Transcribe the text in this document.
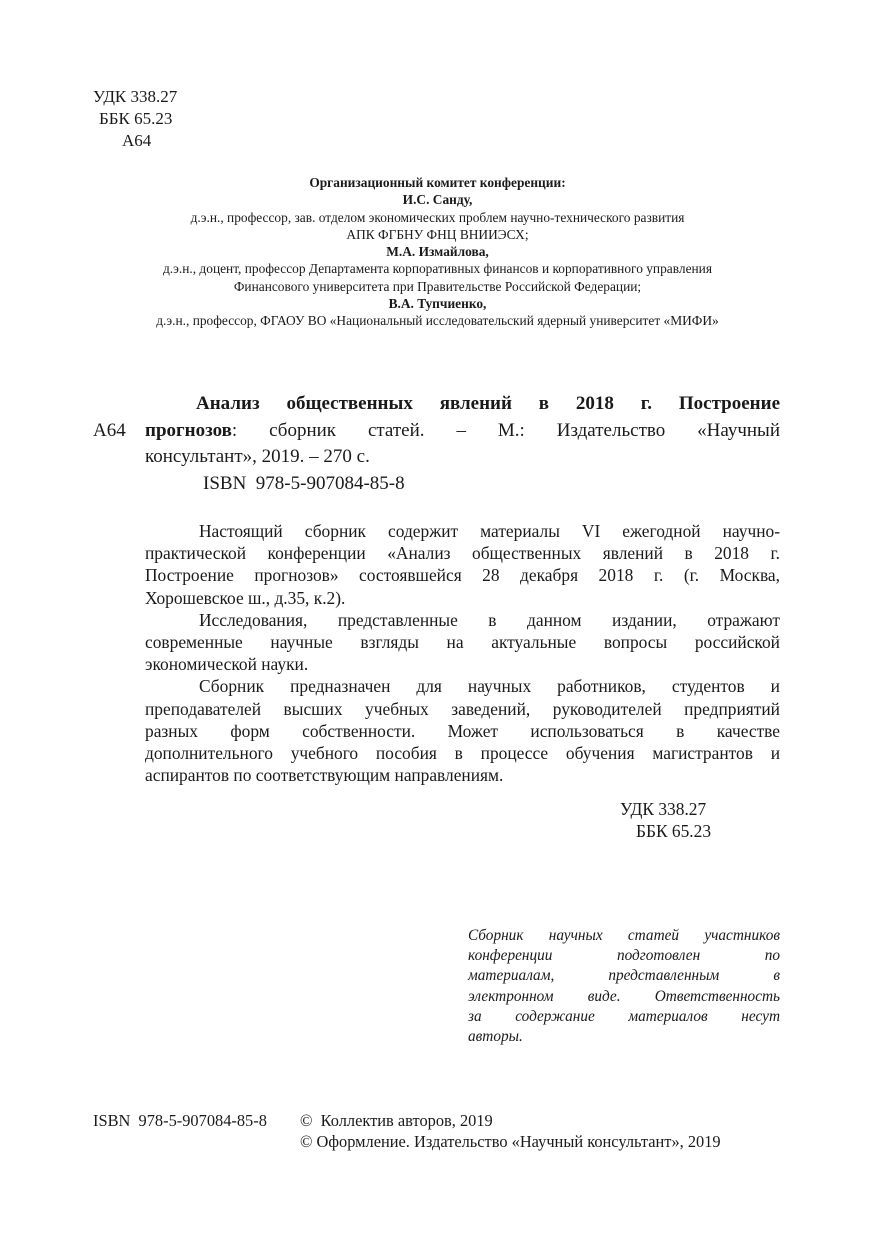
УДК 338.27
ББК 65.23
А64
Организационный комитет конференции:
И.С. Санду,
д.э.н., профессор, зав. отделом экономических проблем научно-технического развития
АПК ФГБНУ ФНЦ ВНИИЭСХ;
М.А. Измайлова,
д.э.н., доцент, профессор Департамента корпоративных финансов и корпоративного управления
Финансового университета при Правительстве Российской Федерации;
В.А. Тупчиенко,
д.э.н., профессор, ФГАОУ ВО «Национальный исследовательский ядерный университет «МИФИ»
А64
Анализ общественных явлений в 2018 г. Построение
прогнозов: сборник статей. – М.: Издательство «Научный
консультант», 2019. – 270 с.
ISBN  978-5-907084-85-8
Настоящий сборник содержит материалы VI ежегодной научно-
практической конференции «Анализ общественных явлений в 2018 г.
Построение прогнозов» состоявшейся 28 декабря 2018 г. (г. Москва,
Хорошевское ш., д.35, к.2).
Исследования, представленные в данном издании, отражают
современные научные взгляды на актуальные вопросы российской
экономической науки.
Сборник предназначен для научных работников, студентов и
преподавателей высших учебных заведений, руководителей предприятий
разных форм собственности. Может использоваться в качестве
дополнительного учебного пособия в процессе обучения магистрантов и
аспирантов по соответствующим направлениям.
УДК 338.27
ББК 65.23
Сборник научных статей участников
конференции подготовлен по
материалам, представленным в
электронном виде. Ответственность
за содержание материалов несут
авторы.
ISBN  978-5-907084-85-8 ©  Коллектив авторов, 2019
© Оформление. Издательство «Научный консультант», 2019
